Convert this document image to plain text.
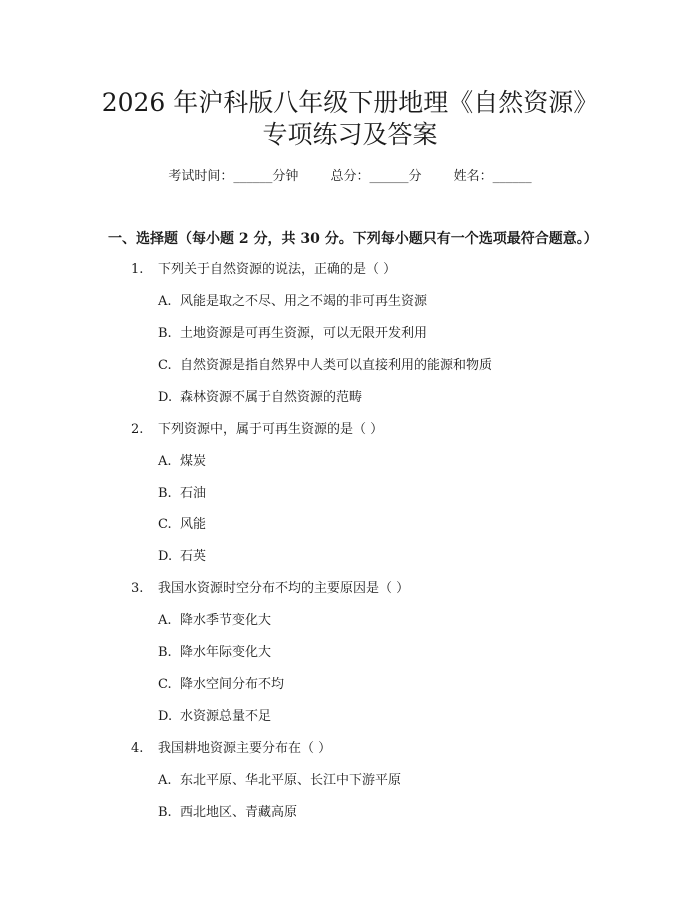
2026 年沪科版八年级下册地理《自然资源》
专项练习及答案
考试时间：______分钟 总分：______分 姓名：______
一、选择题（每小题 2 分，共 30 分。下列每小题只有一个选项最符合题意。）
1. 下列关于自然资源的说法，正确的是（ ）
A. 风能是取之不尽、用之不竭的非可再生资源
B. 土地资源是可再生资源，可以无限开发利用
C. 自然资源是指自然界中人类可以直接利用的能源和物质
D. 森林资源不属于自然资源的范畴
2. 下列资源中，属于可再生资源的是（ ）
A. 煤炭
B. 石油
C. 风能
D. 石英
3. 我国水资源时空分布不均的主要原因是（ ）
A. 降水季节变化大
B. 降水年际变化大
C. 降水空间分布不均
D. 水资源总量不足
4. 我国耕地资源主要分布在（ ）
A. 东北平原、华北平原、长江中下游平原
B. 西北地区、青藏高原
